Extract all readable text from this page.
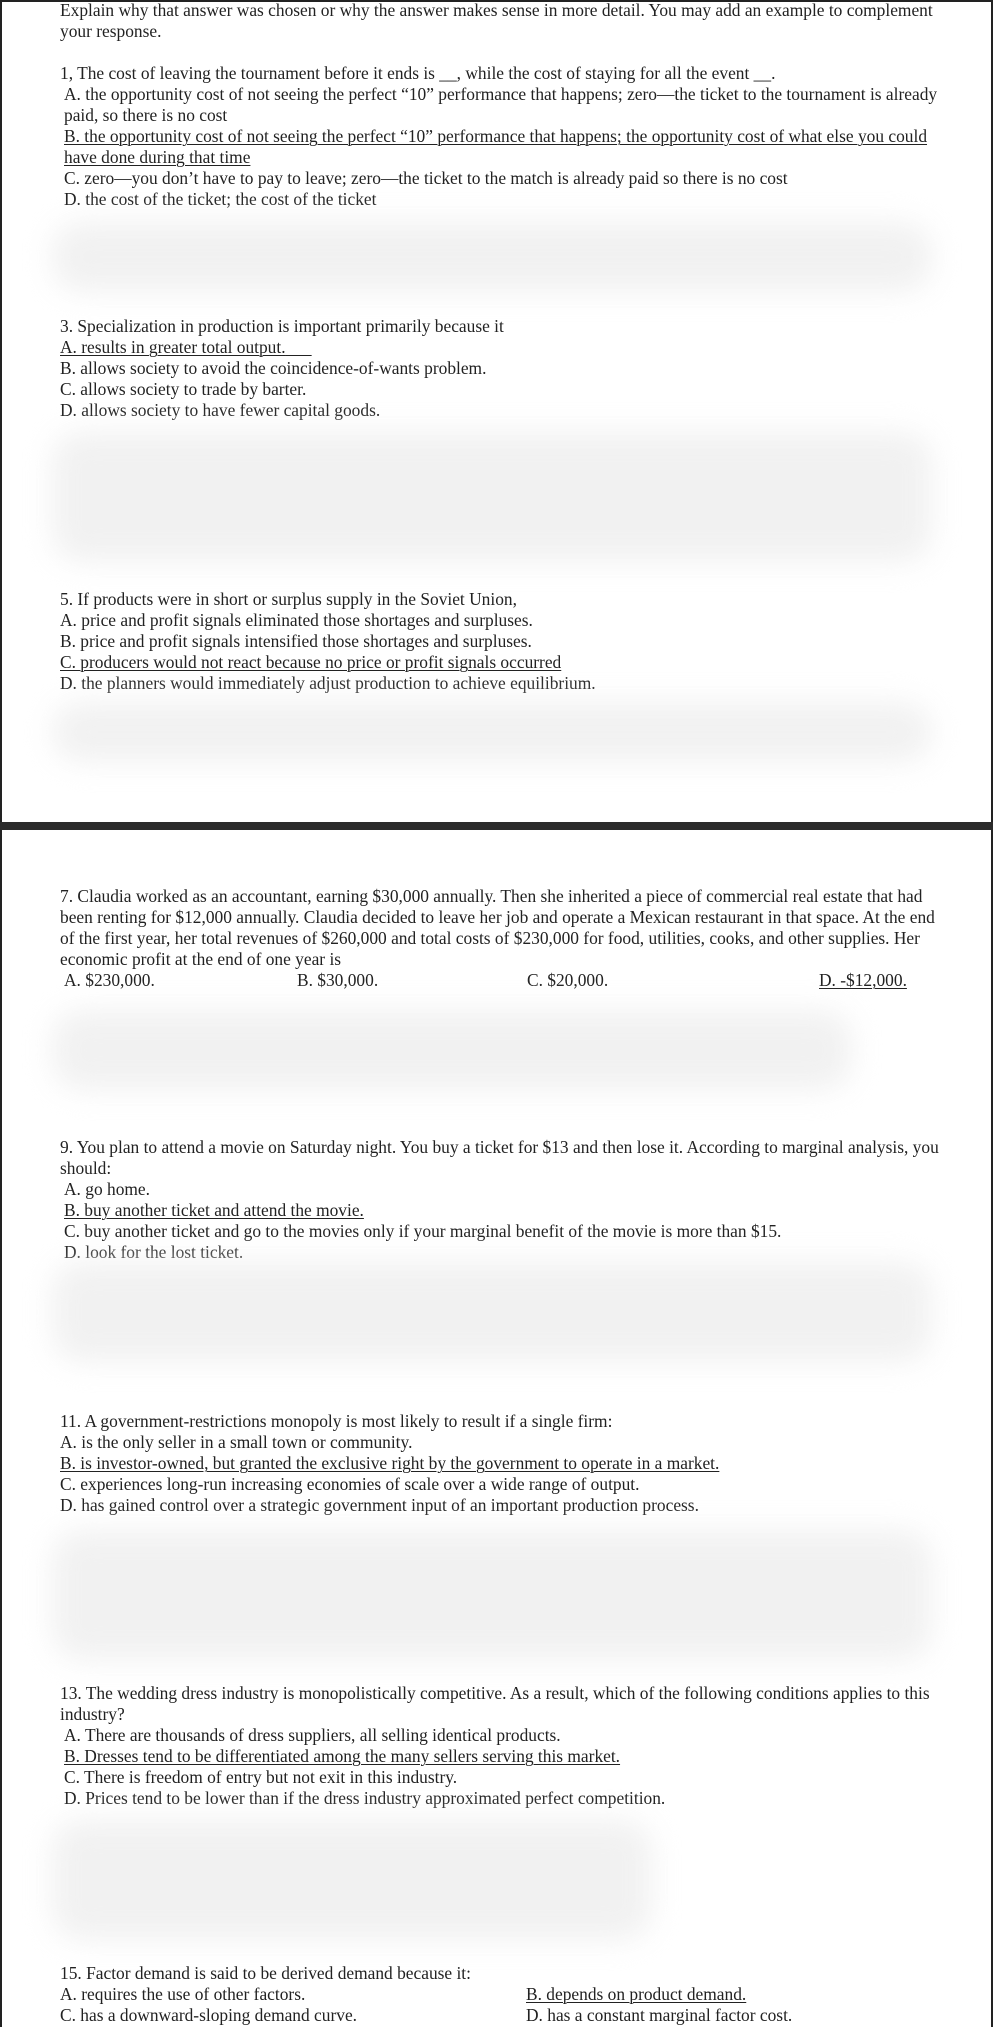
Explain why that answer was chosen or why the answer makes sense in more detail. You may add an example to complement your response.

1, The cost of leaving the tournament before it ends is __, while the cost of staying for all the event __.

A. the opportunity cost of not seeing the perfect “10” performance that happens; zero—the ticket to the tournament is already paid, so there is no cost

B. the opportunity cost of not seeing the perfect “10” performance that happens; the opportunity cost of what else you could have done during that time

C. zero—you don’t have to pay to leave; zero—the ticket to the match is already paid so there is no cost

D. the cost of the ticket; the cost of the ticket

3. Specialization in production is important primarily because it

A. results in greater total output.

B. allows society to avoid the coincidence-of-wants problem.

C. allows society to trade by barter.

D. allows society to have fewer capital goods.

5. If products were in short or surplus supply in the Soviet Union,

A. price and profit signals eliminated those shortages and surpluses.

B. price and profit signals intensified those shortages and surpluses.

C. producers would not react because no price or profit signals occurred

D. the planners would immediately adjust production to achieve equilibrium.

7. Claudia worked as an accountant, earning $30,000 annually. Then she inherited a piece of commercial real estate that had been renting for $12,000 annually. Claudia decided to leave her job and operate a Mexican restaurant in that space. At the end of the first year, her total revenues of $260,000 and total costs of $230,000 for food, utilities, cooks, and other supplies. Her economic profit at the end of one year is

A. $230,000.	B. $30,000.	C. $20,000.	D. -$12,000.

9. You plan to attend a movie on Saturday night. You buy a ticket for $13 and then lose it. According to marginal analysis, you should:

A. go home.

B. buy another ticket and attend the movie.

C. buy another ticket and go to the movies only if your marginal benefit of the movie is more than $15.

D. look for the lost ticket.

11. A government-restrictions monopoly is most likely to result if a single firm:

A. is the only seller in a small town or community.

B. is investor-owned, but granted the exclusive right by the government to operate in a market.

C. experiences long-run increasing economies of scale over a wide range of output.

D. has gained control over a strategic government input of an important production process.

13. The wedding dress industry is monopolistically competitive. As a result, which of the following conditions applies to this industry?

A. There are thousands of dress suppliers, all selling identical products.

B. Dresses tend to be differentiated among the many sellers serving this market.

C. There is freedom of entry but not exit in this industry.

D. Prices tend to be lower than if the dress industry approximated perfect competition.

15. Factor demand is said to be derived demand because it:

A. requires the use of other factors.	B. depends on product demand.
C. has a downward-sloping demand curve.	D. has a constant marginal factor cost.
